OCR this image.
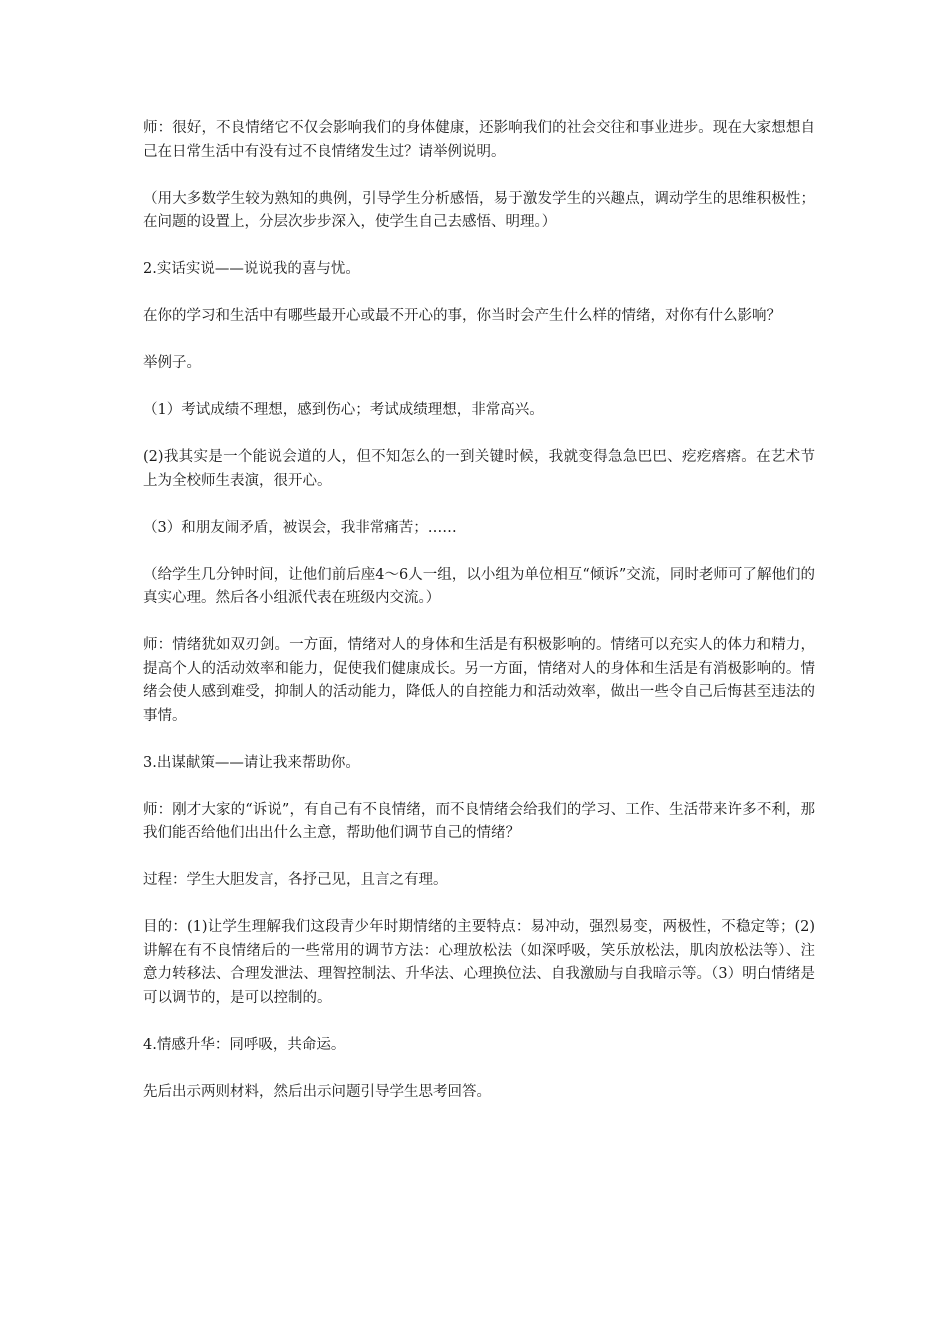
师：很好，不良情绪它不仅会影响我们的身体健康，还影响我们的社会交往和事业进步。现在大家想想自己在日常生活中有没有过不良情绪发生过？请举例说明。

（用大多数学生较为熟知的典例，引导学生分析感悟，易于激发学生的兴趣点，调动学生的思维积极性；在问题的设置上，分层次步步深入，使学生自己去感悟、明理。）

2.实话实说——说说我的喜与忧。

在你的学习和生活中有哪些最开心或最不开心的事，你当时会产生什么样的情绪，对你有什么影响？

举例子。

（1）考试成绩不理想，感到伤心；考试成绩理想，非常高兴。

(2)我其实是一个能说会道的人，但不知怎么的一到关键时候，我就变得急急巴巴、疙疙瘩瘩。在艺术节上为全校师生表演，很开心。

（3）和朋友闹矛盾，被误会，我非常痛苦；……

（给学生几分钟时间，让他们前后座4～6人一组，以小组为单位相互“倾诉”交流，同时老师可了解他们的真实心理。然后各小组派代表在班级内交流。）

师：情绪犹如双刃剑。一方面，情绪对人的身体和生活是有积极影响的。情绪可以充实人的体力和精力，提高个人的活动效率和能力，促使我们健康成长。另一方面，情绪对人的身体和生活是有消极影响的。情绪会使人感到难受，抑制人的活动能力，降低人的自控能力和活动效率，做出一些令自己后悔甚至违法的事情。

3.出谋献策——请让我来帮助你。

师：刚才大家的“诉说”，有自己有不良情绪，而不良情绪会给我们的学习、工作、生活带来许多不利，那我们能否给他们出出什么主意，帮助他们调节自己的情绪？

过程：学生大胆发言，各抒己见，且言之有理。

目的：(1)让学生理解我们这段青少年时期情绪的主要特点：易冲动，强烈易变，两极性，不稳定等；(2)讲解在有不良情绪后的一些常用的调节方法：心理放松法（如深呼吸，笑乐放松法，肌肉放松法等）、注意力转移法、合理发泄法、理智控制法、升华法、心理换位法、自我激励与自我暗示等。（3）明白情绪是可以调节的，是可以控制的。

4.情感升华：同呼吸，共命运。

先后出示两则材料，然后出示问题引导学生思考回答。
